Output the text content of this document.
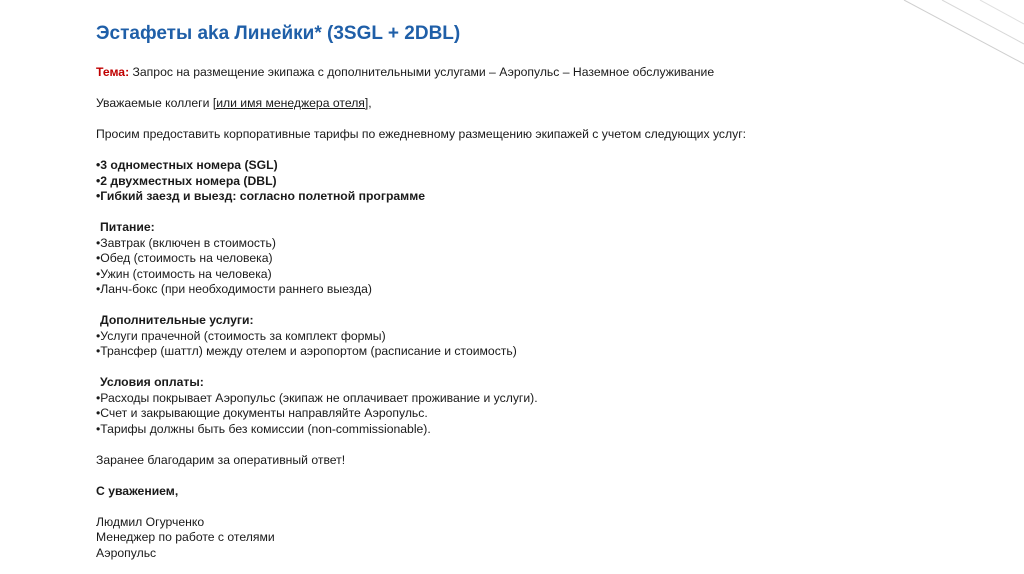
Эстафеты aka Линейки* (3SGL + 2DBL)
Тема: Запрос на размещение экипажа с дополнительными услугами – Аэропульс – Наземное обслуживание
Уважаемые коллеги [или имя менеджера отеля],
Просим предоставить корпоративные тарифы по ежедневному размещению экипажей с учетом следующих услуг:
•3 одноместных номера (SGL)
•2 двухместных номера (DBL)
•Гибкий заезд и выезд: согласно полетной программе
Питание:
•Завтрак (включен в стоимость)
•Обед (стоимость на человека)
•Ужин (стоимость на человека)
•Ланч-бокс (при необходимости раннего выезда)
Дополнительные услуги:
•Услуги прачечной (стоимость за комплект формы)
•Трансфер (шаттл) между отелем и аэропортом (расписание и стоимость)
Условия оплаты:
•Расходы покрывает Аэропульс (экипаж не оплачивает проживание и услуги).
•Счет и закрывающие документы направляйте Аэропульс.
•Тарифы должны быть без комиссии (non-commissionable).
Заранее благодарим за оперативный ответ!
С уважением,
Людмил Огурченко
Менеджер по работе с отелями
Аэропульс
